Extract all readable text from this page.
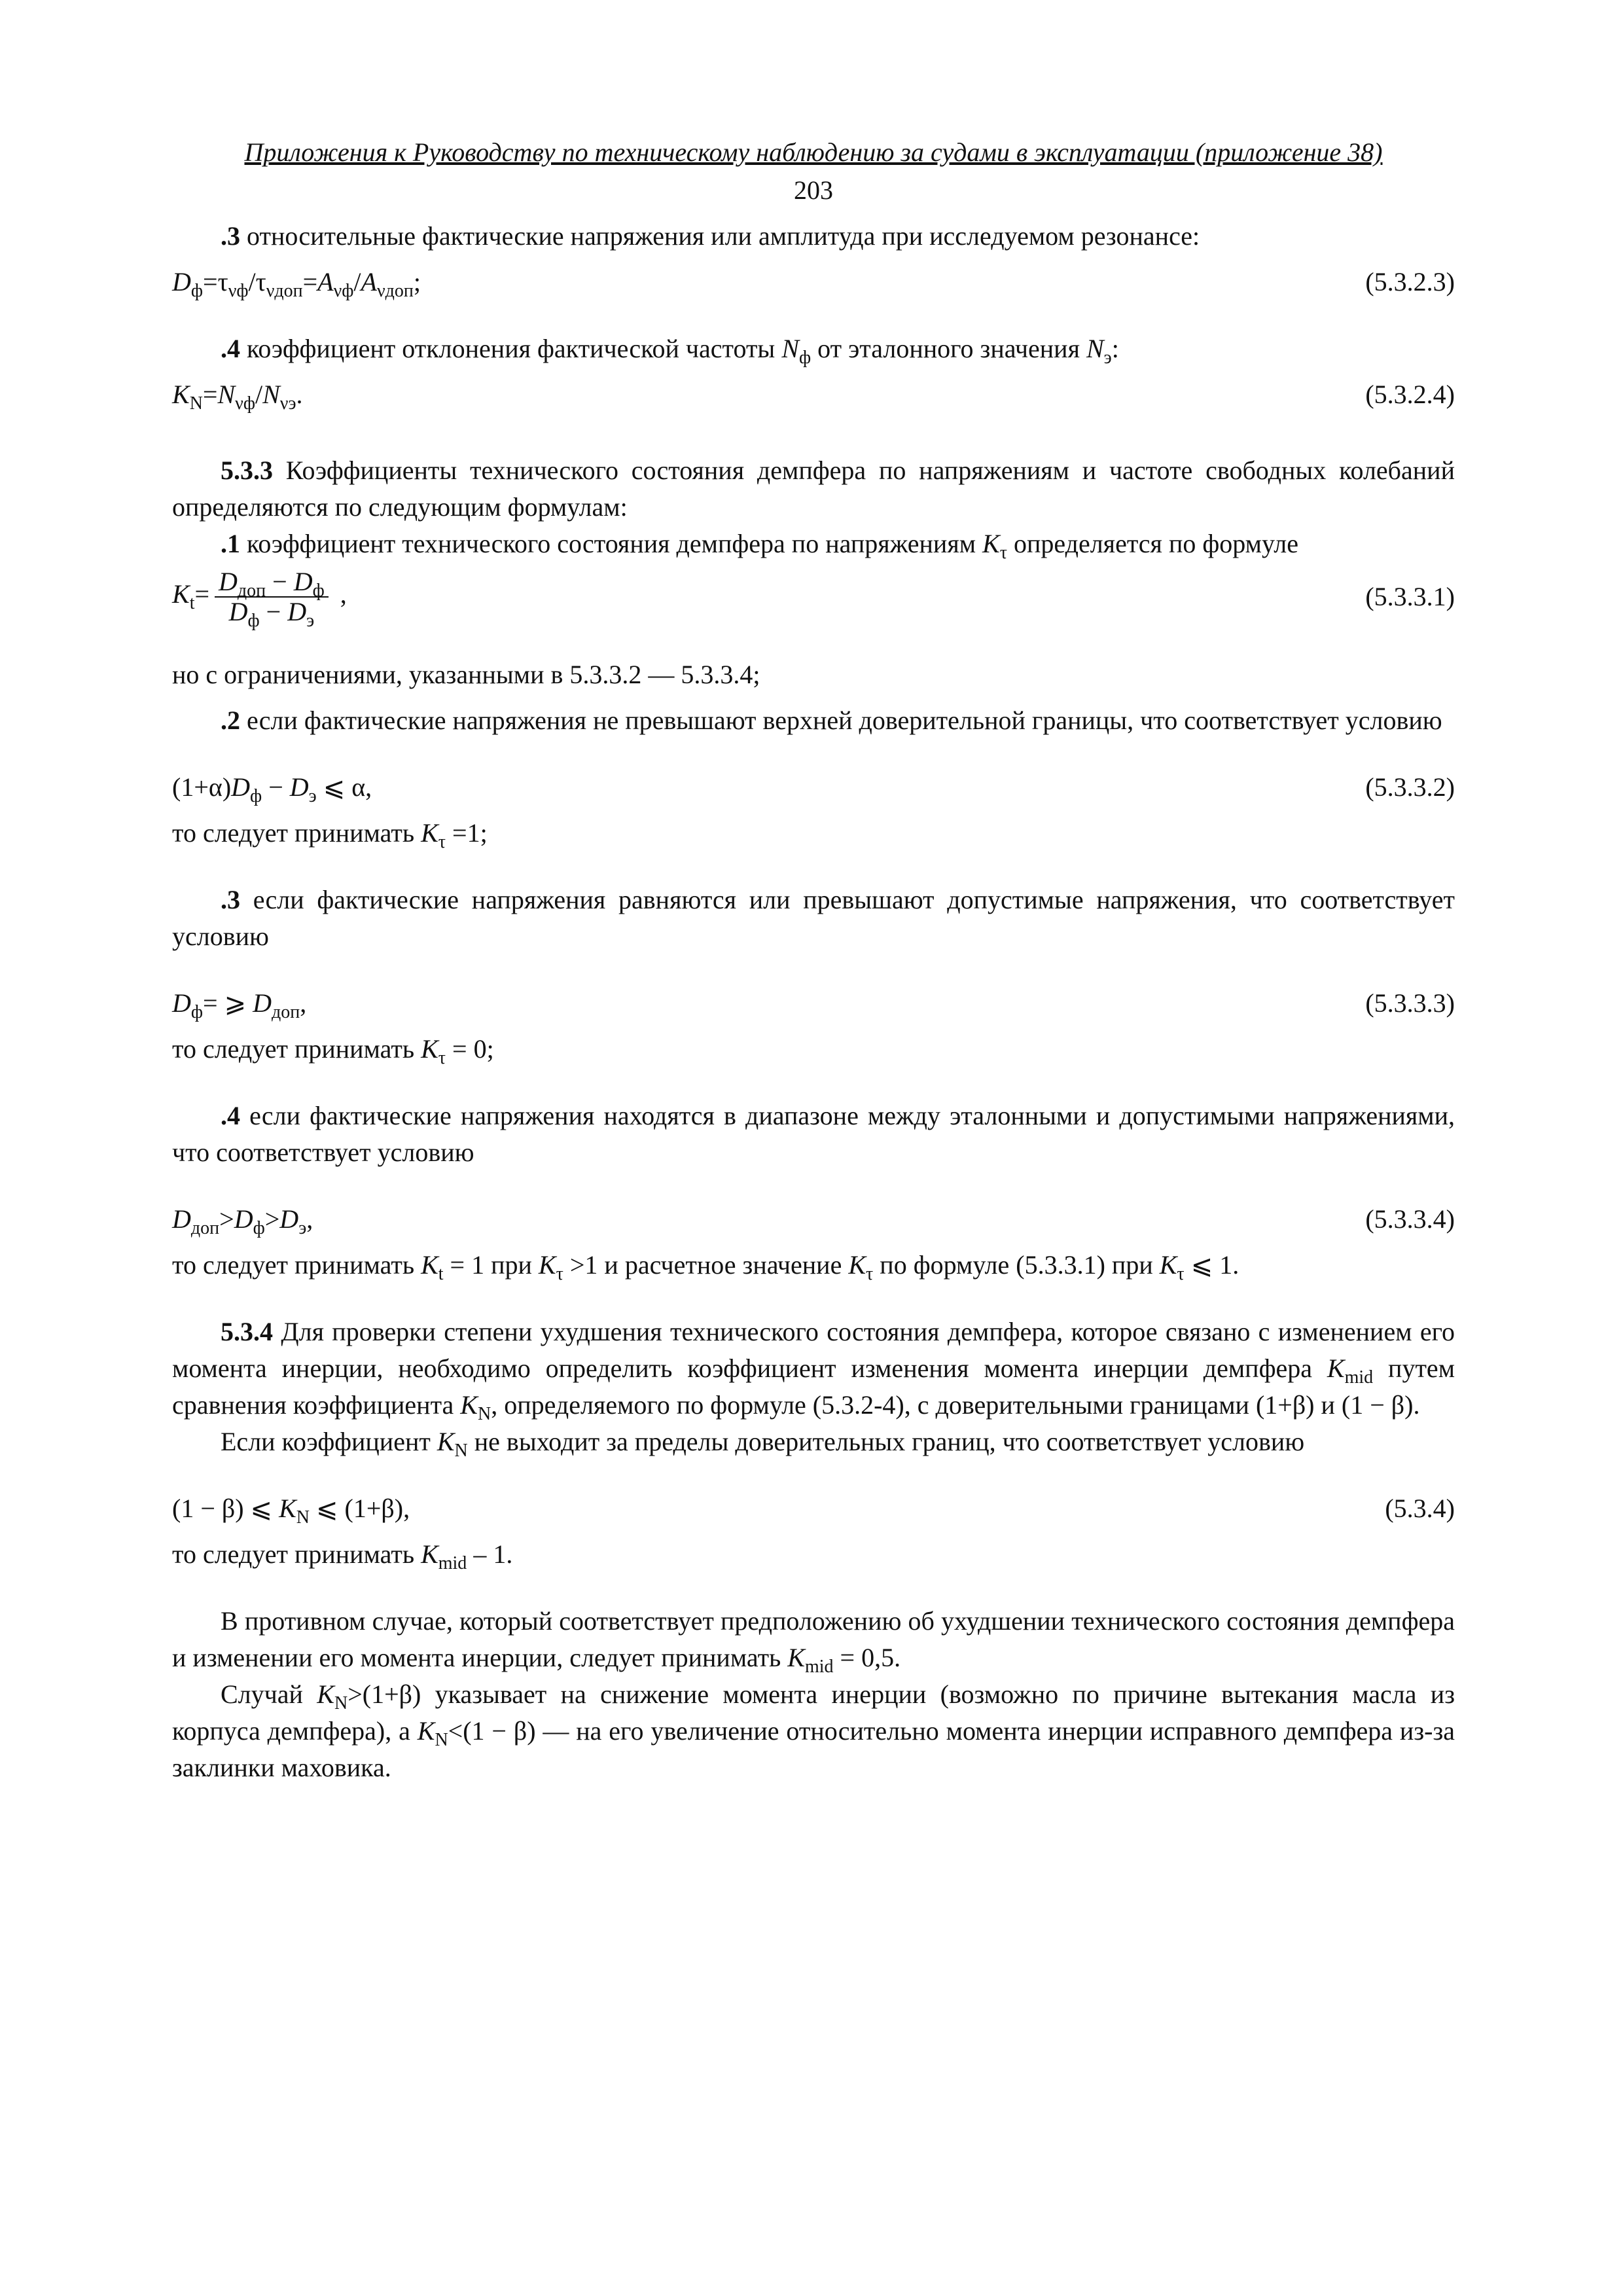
Приложения к Руководству по техническому наблюдению за судами в эксплуатации (приложение 38)
203

.3 относительные фактические напряжения или амплитуда при исследуемом резонансе:

$D_ф=\tau_{\nu ф}/\tau_{\nu доп}=A_{\nu ф}/A_{\nu доп}$;	(5.3.2.3)

.4 коэффициент отклонения фактической частоты $N_ф$ от эталонного значения $N_э$:

$K_N=N_{\nu ф}/N_{\nu э}$.	(5.3.2.4)

5.3.3 Коэффициенты технического состояния демпфера по напряжениям и частоте свободных колебаний определяются по следующим формулам:

.1 коэффициент технического состояния демпфера по напряжениям $K_\tau$ определяется по формуле

$K_t= \frac{D_{доп} - D_ф}{D_ф - D_э}$ ,	(5.3.3.1)

но с ограничениями, указанными в 5.3.3.2 — 5.3.3.4;

.2 если фактические напряжения не превышают верхней доверительной границы, что соответствует условию

$(1+\alpha)D_ф - D_э$ ⩽ α,	(5.3.3.2)

то следует принимать $K_\tau =1$;

.3 если фактические напряжения равняются или превышают допустимые напряжения, что соответствует условию

$D_ф=$ ⩾ $D_{доп}$,	(5.3.3.3)

то следует принимать $K_\tau = 0$;

.4 если фактические напряжения находятся в диапазоне между эталонными и допустимыми напряжениями, что соответствует условию

$D_{доп}>D_ф>D_э$,	(5.3.3.4)

то следует принимать $K_t = 1$ при $K_\tau >1$ и расчетное значение $K_\tau$ по формуле (5.3.3.1) при $K_\tau$ ⩽ 1.

5.3.4 Для проверки степени ухудшения технического состояния демпфера, которое связано с изменением его момента инерции, необходимо определить коэффициент изменения момента инерции демпфера $K_{mid}$ путем сравнения коэффициента $K_N$, определяемого по формуле (5.3.2-4), с доверительными границами (1+β) и (1 − β).

Если коэффициент $K_N$ не выходит за пределы доверительных границ, что соответствует условию

(1 − β) ⩽ $K_N$ ⩽ (1+β),	(5.3.4)

то следует принимать $K_{mid} - 1$.

В противном случае, который соответствует предположению об ухудшении технического состояния демпфера и изменении его момента инерции, следует принимать $K_{mid} = 0,5$.

Случай $K_N>(1+\beta)$ указывает на снижение момента инерции (возможно по причине вытекания масла из корпуса демпфера), а $K_N<(1 - \beta)$ — на его увеличение относительно момента инерции исправного демпфера из-за заклинки маховика.
